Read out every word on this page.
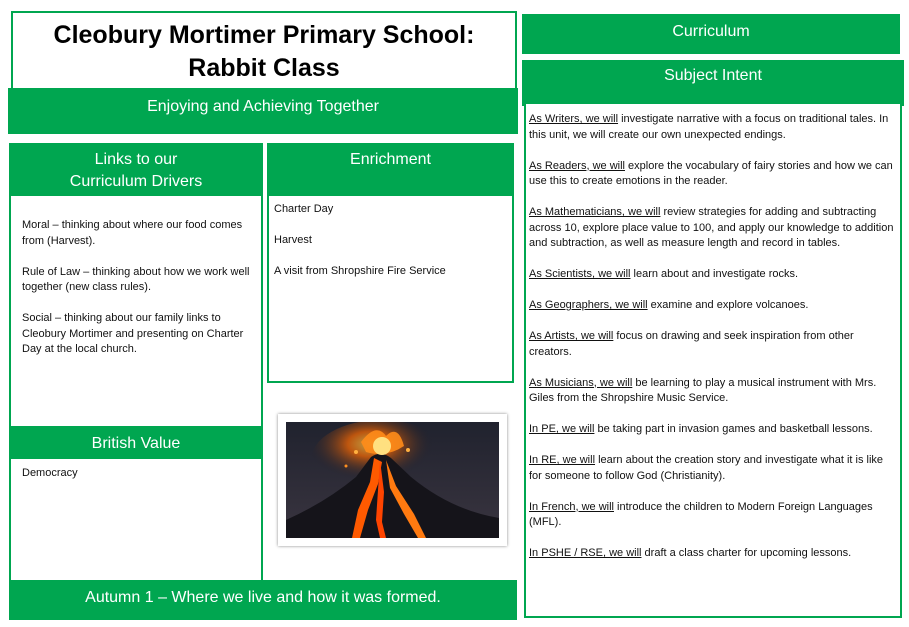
Cleobury Mortimer Primary School:
Rabbit Class
Enjoying and Achieving Together
Links to our
Curriculum Drivers

Moral – thinking about where our food comes from (Harvest).

Rule of Law – thinking about how we work well together (new class rules).

Social – thinking about our family links to Cleobury Mortimer and presenting on Charter Day at the local church.

British Value
Democracy
Enrichment

Charter Day

Harvest

A visit from Shropshire Fire Service

Autumn 1 – Where we live and how it was formed.
Curriculum
Subject Intent

As Writers, we will investigate narrative with a focus on traditional tales. In this unit, we will create our own unexpected endings.

As Readers, we will explore the vocabulary of fairy stories and how we can use this to create emotions in the reader.

As Mathematicians, we will review strategies for adding and subtracting across 10, explore place value to 100, and apply our knowledge to addition and subtraction, as well as measure length and record in tables.

As Scientists, we will learn about and investigate rocks.

As Geographers, we will examine and explore volcanoes.

As Artists, we will focus on drawing and seek inspiration from other creators.

As Musicians, we will be learning to play a musical instrument with Mrs. Giles from the Shropshire Music Service.

In PE, we will be taking part in invasion games and basketball lessons.

In RE, we will learn about the creation story and investigate what it is like for someone to follow God (Christianity).

In French, we will introduce the children to Modern Foreign Languages (MFL).

In PSHE / RSE, we will draft a class charter for upcoming lessons.
